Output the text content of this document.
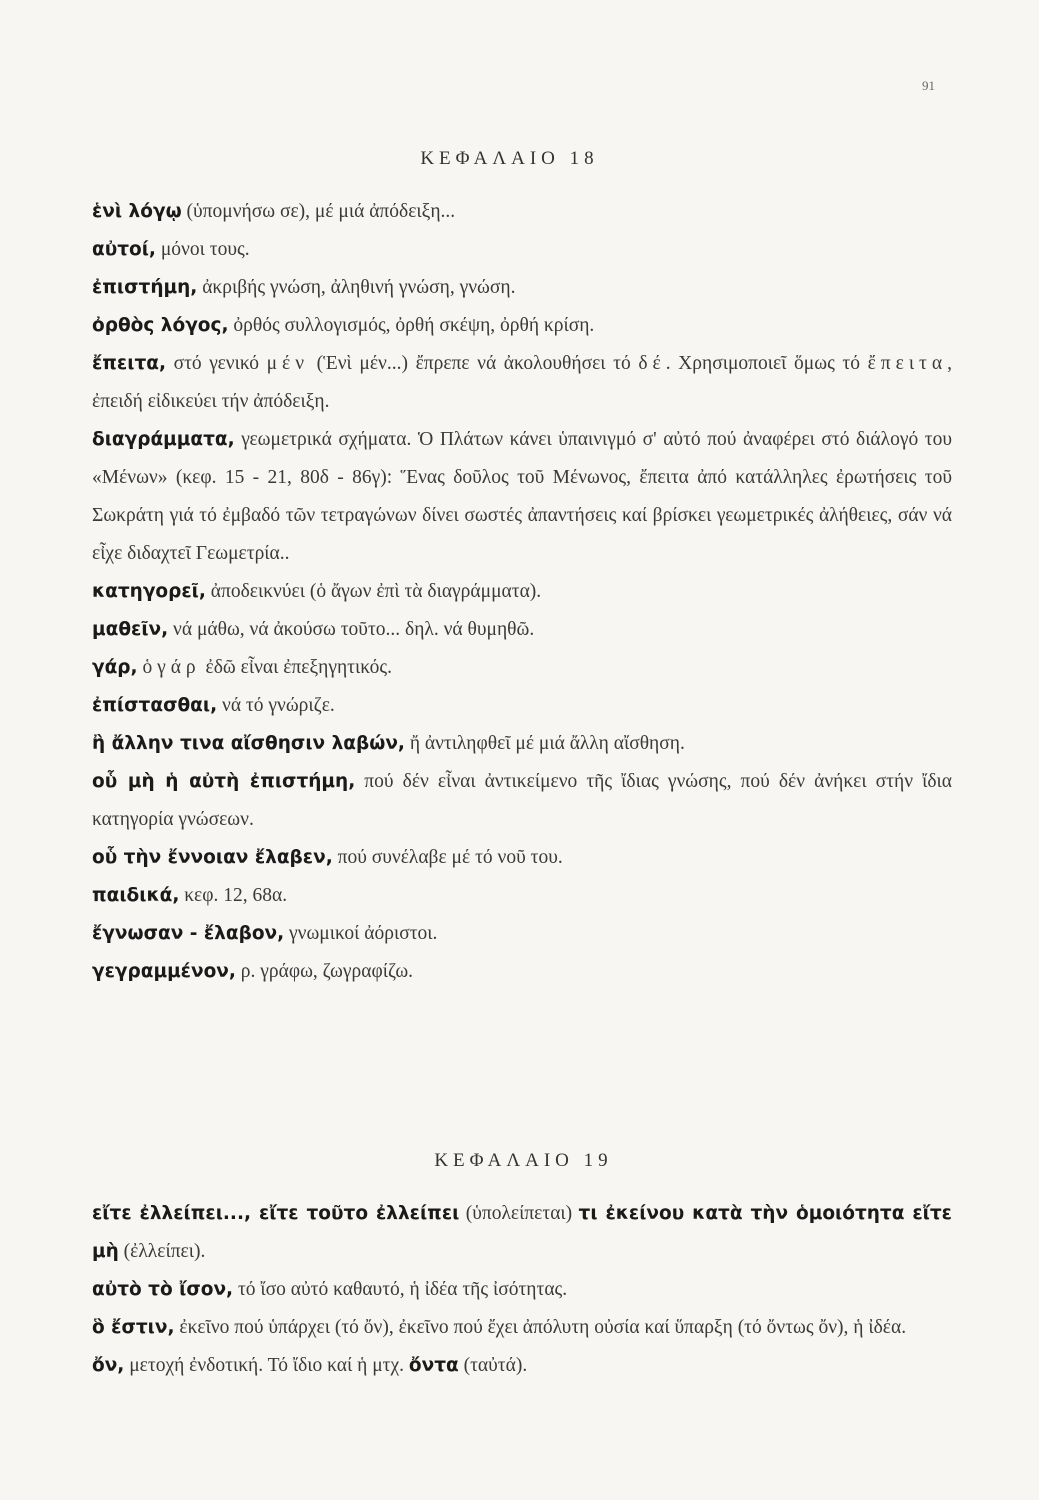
91
ΚΕΦΑΛΑΙΟ 18

ἑνὶ λόγῳ (ὑπομνήσω σε), μέ μιά ἀπόδειξη...

αὐτοί, μόνοι τους.

ἐπιστήμη, ἀκριβής γνώση, ἀληθινή γνώση, γνώση.

ὀρθὸς λόγος, ὀρθός συλλογισμός, ὀρθή σκέψη, ὀρθή κρίση.

ἔπειτα, στό γενικό μέν (Ἑνὶ μέν...) ἔπρεπε νά ἀκολουθήσει τό δέ. Χρησιμοποιεῖ ὅμως τό ἔπειτα, ἐπειδή εἰδικεύει τήν ἀπόδειξη.

διαγράμματα, γεωμετρικά σχήματα. Ὁ Πλάτων κάνει ὑπαινιγμό σ' αὐτό πού ἀναφέρει στό διάλογό του «Μένων» (κεφ. 15 - 21, 80δ - 86γ): Ἕνας δοῦλος τοῦ Μένωνος, ἔπειτα ἀπό κατάλληλες ἐρωτήσεις τοῦ Σωκράτη γιά τό ἐμβαδό τῶν τετραγώνων δίνει σωστές ἀπαντήσεις καί βρίσκει γεωμετρικές ἀλήθειες, σάν νά εἶχε διδαχτεῖ Γεωμετρία..

κατηγορεῖ, ἀποδεικνύει (ὁ ἄγων ἐπὶ τὰ διαγράμματα).

μαθεῖν, νά μάθω, νά ἀκούσω τοῦτο... δηλ. νά θυμηθῶ.

γάρ, ὁ γάρ ἐδῶ εἶναι ἐπεξηγητικός.

ἐπίστασθαι, νά τό γνώριζε.

ἢ ἄλλην τινα αἴσθησιν λαβών, ἤ ἀντιληφθεῖ μέ μιά ἄλλη αἴσθηση.

οὗ μὴ ἡ αὐτὴ ἐπιστήμη, πού δέν εἶναι ἀντικείμενο τῆς ἴδιας γνώσης, πού δέν ἀνήκει στήν ἴδια κατηγορία γνώσεων.

οὗ τὴν ἔννοιαν ἔλαβεν, πού συνέλαβε μέ τό νοῦ του.

παιδικά, κεφ. 12, 68α.

ἔγνωσαν - ἔλαβον, γνωμικοί ἀόριστοι.

γεγραμμένον, ρ. γράφω, ζωγραφίζω.

ΚΕΦΑΛΑΙΟ 19

εἴτε ἐλλείπει..., εἴτε τοῦτο ἐλλείπει (ὑπολείπεται) τι ἐκείνου κατὰ τὴν ὁμοιότητα εἴτε μὴ (ἐλλείπει).

αὐτὸ τὸ ἴσον, τό ἴσο αὐτό καθαυτό, ἡ ἰδέα τῆς ἰσότητας.

ὃ ἔστιν, ἐκεῖνο πού ὑπάρχει (τό ὄν), ἐκεῖνο πού ἔχει ἀπόλυτη οὐσία καί ὕπαρξη (τό ὄντως ὄν), ἡ ἰδέα.

ὄν, μετοχή ἐνδοτική. Τό ἴδιο καί ἡ μτχ. ὄντα (ταὐτά).
